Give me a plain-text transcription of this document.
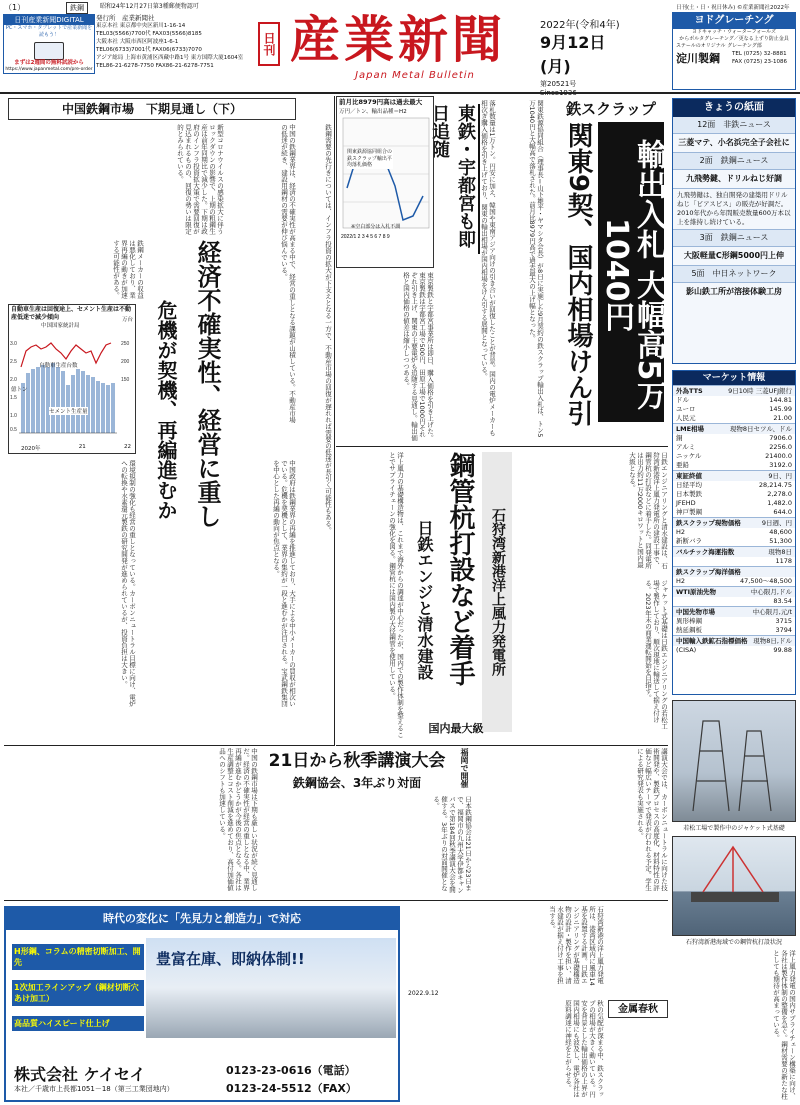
（1）	鉄鋼
日刊産業新聞DIGITAL
PC・スマホ・タブレットで産業新聞を読もう！
まずは2週間の無料試読から
https://www.japanmetal.com/pre-order
昭和24年12月27日第3種郵便物認可
発行所　産業新聞社
東京本社 東京都中央区新川1-16-14
TEL03(5566)7700代 FAX03(5566)8185
大阪本社 大阪市西区阿波座1-6-1
TEL06(6733)7001代 FAX06(6733)7070
アジア総局 上海市黄浦区西藏中路1号 東方国際大廈1604室
TEL86-21-6278-7750 FAX86-21-6278-7751
日刊 産業新聞
Japan Metal Bulletin
2022年(令和4年)
9月12日(月)
第20521号
日刊(土・日・祝日休み) ©産業新聞社2022年
ヨドグレーチング
ヨドキャッチ・ウォーターフォールズ
からボルタグレーチング／更なる上ずり防止金具
ステールのオリジナル グレーチング部
淀川製鋼	TEL (0725) 32-8881
FAX (0725) 23-1086
きょうの紙面
12面　非鉄ニュース
三菱マテ、小名浜完全子会社に
2面　鉄鋼ニュース
九飛勢鍵、ドリルねじ好調
九飛勢鍵は、独自開発の建築用ドリルねじ「ビアスビス」の販売が好調だ。2010年代から年間販売数量600万本以上を維持し続けている。
3面　鉄鋼ニュース
大阪軽量C形鋼5000円上伸
5面　中日ネットワーク
影山鉄工所が溶接体験工房
マーケット情報
外為TTS	9日10時 三菱UFJ銀行
ドル	144.81
ユーロ	145.99
人民元	21.00
LME相場	現物8日セツル、ドル
銅	7906.0
アルミ	2256.0
ニッケル	21400.0
亜鉛	3192.0
東証終値	9日、円
日経平均	28,214.75
日本製鉄	2,278.0
JFEHD	1,482.0
神戸製鋼	644.0
鉄スクラップ現物価格	9日週、円
H2	48,600
新断バラ	51,300
バルチック海運指数	現物8日
1178
鉄スクラップ海洋価格
H2	47,500～48,500
WTI原油先物	中心限月,ドル
83.54
中国先物市場	中心限月,元/t
異形棒鋼	3715
熱延鋼板	3794
中国輸入鉄鉱石指標価格 現物8日,ドル
(CISA)	99.88
鉄スクラップ
輸出入札 大幅高5万1040円
関東9契、国内相場けん引
関東鉄源協同組合（理事長＝山下雄平・ヤマシタ会長）が8日に実施した9月契約の鉄スクラップ輸出入札は、トン5万1040円と大幅高で落札された。前月比8979円高で過去最大の上げ幅となった。
落札数量は1万トン。円安に加え、韓国や東南アジア向けの引き合いが回復したことが背景。国内の電炉メーカーも相次ぎ購入価格を引き上げており、関東の輸出相場が国内相場をけん引する展開となっている。
東鉄・宇都宮も即日追随
前月比8979円高は過去最大
万円／トン、輸出品種＝H2
2022/1 2 3 4 5 6 7 8 9
関東鉄源協同組合の鉄スクラップ輸出平均落札価格
※空白部分は入札不調
東京製鉄と宇都宮事業所は即日、購入価格を引き上げた。東京製鉄は宇都宮工場で500円、田原工場で1000円それぞれ引き上げ、関東の主要電炉も追随する見通し。輸出価格と国内価格の値差は縮小しつつある。
石狩湾新港洋上風力発電所
鋼管杭打設など着手
日鉄エンジと清水建設
国内最大級
日鉄エンジニアリングと清水建設は、石狩湾新港洋上風力発電所の建設工事で、鋼管杭の打設などに着手した。同発電所は出力約11万2000キロワットと国内最大級となる。
ジャケット式基礎は日鉄エンジニアリングの若松工場で製作しており、順次現地に輸送して据え付ける。2023年末の商業運転開始を目指す。
洋上風力の基礎構造物は、これまで海外からの調達が中心だったが、国内での製作体制を整えることでサプライチェーンの強化を図る。鋼管杭には国内製の大径鋼管を使用している。
若松工場で製作中のジャケット式基礎
石狩湾新港海域での鋼管杭打設状況
中国鉄鋼市場　下期見通し（下）
経済不確実性、経営に重し
危機が契機、再編進むか	中国の鉄鋼業界は、経済の不確実性が高まる中で、経営の重しとなる課題が山積している。不動産市場の低迷が続き、建設用鋼材の需要が伸び悩んでいる。
新型コロナウイルスの感染拡大に伴うロックダウンの影響で、上期の粗鋼生産は前年同期比で減少した。下期は政府のインフラ投資拡大策で需要回復が見込まれるものの、回復の勢いは限定的とみられている。
鉄鋼メーカーの収益は悪化しており、業界再編の動きが加速する可能性がある。
自動車生産は回復途上、セメント生産は不動産低迷で減少傾向
3.0
2.5
2.0
1.5
1.0
0.5
250
200
150
億トン
万台
中国国家統計局
自動車生産台数
セメント生産量
2020年	21	22
中国政府は鉄鋼業界の再編を推進しており、大手による中小メーカーの買収が相次いでいる。危機を契機として、業界の集約が一段と進むかが注目される。宝武鋼鉄集団を中心とした再編の動向が焦点となる。
環境規制の強化も経営の重しとなっている。カーボンニュートラル目標に向け、電炉への転換や水素還元製鉄の研究開発が進められているが、投資負担は大きい。
鉄鋼需要の先行きについては、インフラ投資の拡大が下支えとなる一方で、不動産市場の回復が遅れれば需要の低迷が長引く可能性もある。
21日から秋季講演大会	福岡で開催
鉄鋼協会、3年ぶり対面
日本鉄鋼協会は21日から23日まで、福岡市の九州大学伊都キャンパスで第184回秋季講演大会を開催する。3年ぶりの対面開催となる。	講演大会では、カーボンニュートラルに向けた技術開発や、製鉄プロセスの高度化、材料特性の評価など幅広いテーマで発表が行われる予定。学生による研究発表も実施される。
中国の鉄鋼市場は下期も厳しい状況が続く見通しだ。経済の不確実性が経営の重しとなる中、業界再編が進むかどうかが今後の焦点となる。各社は生産調整とコスト削減を進めており、高付加価値品へのシフトも加速している。
時代の変化に「先見力と創造力」で対応
豊富在庫、即納体制!!
H形鋼、コラムの精密切断加工、開先
1次加工ラインアップ（鋼材切断穴あけ加工）
高品質ハイスピード仕上げ
株式会社 ケイセイ
本社／千歳市上長都1051－18（第三工業団地内）
0123-23-0616（電話）
0123-24-5512（FAX）
石狩湾新港の洋上風力発電所は、港湾区域内に風車14基を設置する計画。日鉄エンジニアリングが基礎構造物の設計・製作を担い、清水建設が据え付け工事を担当する。
2022.9.12
金属春秋
秋の気配が深まる中、鉄スクラップの相場が大きく動いている。円安を背景とした輸出価格の上昇が国内相場にも波及し、電炉各社は原料調達に神経をとがらせる。	洋上風力発電の国内サプライチェーン構築に向け、各社は製作体制の整備を急ぐ。鋼材需要の新たな柱としても期待が高まっている。
